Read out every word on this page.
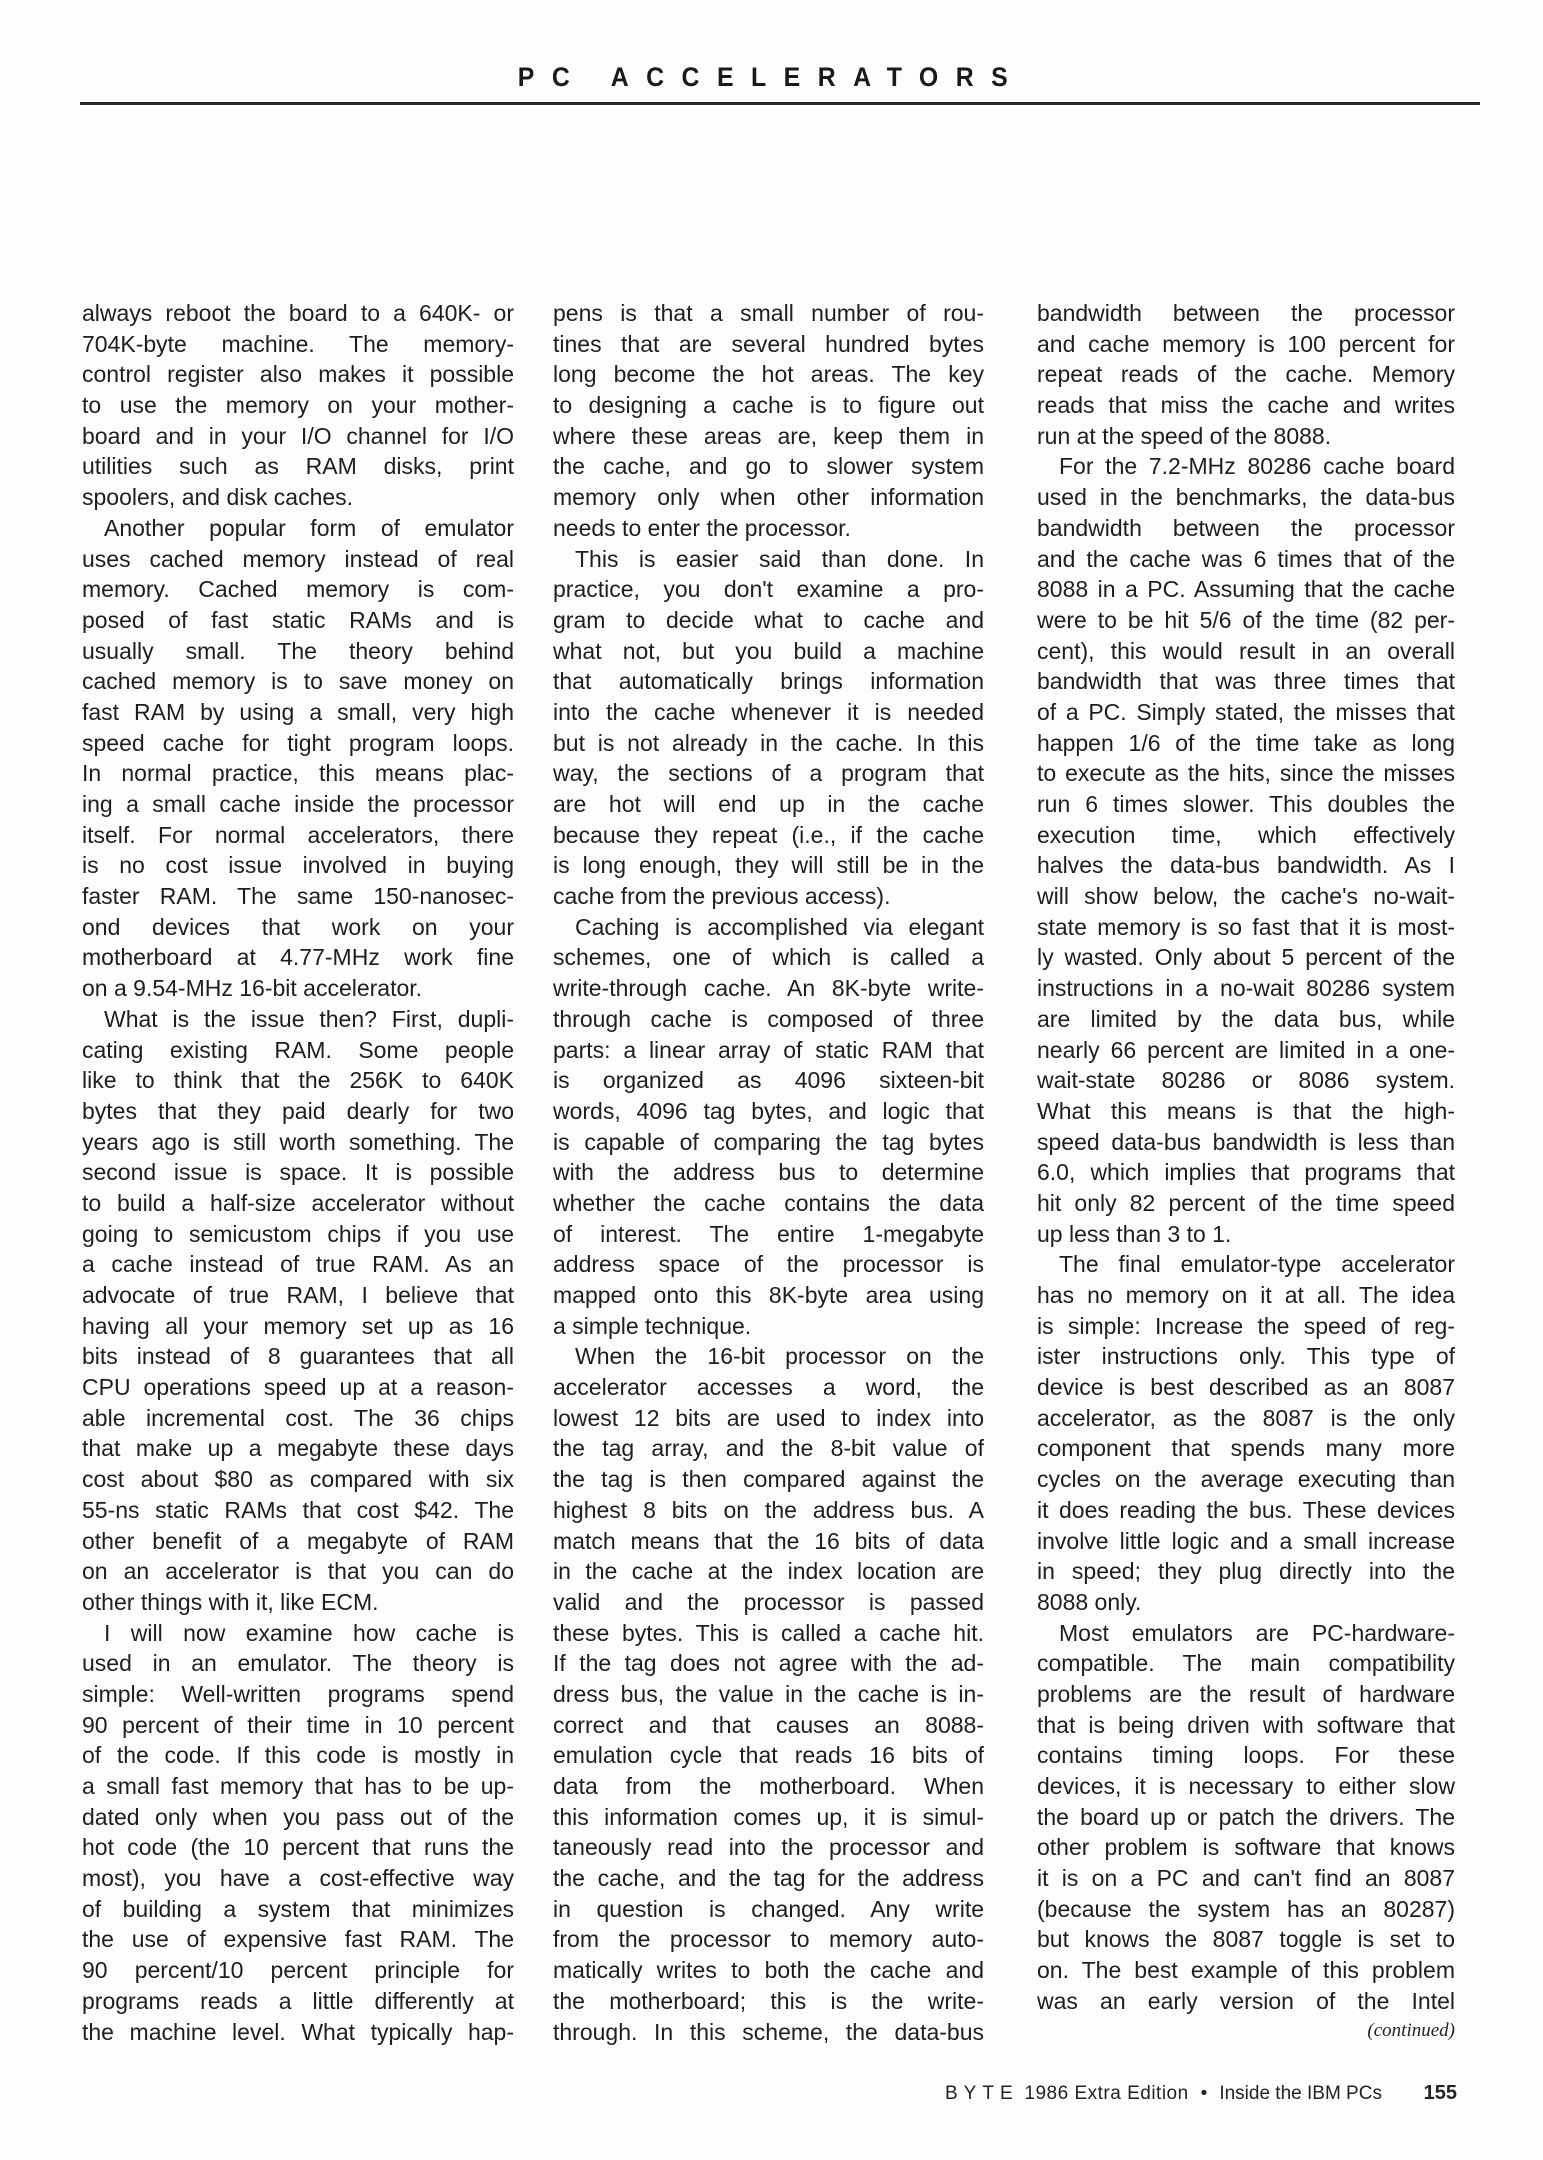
PC ACCELERATORS
always reboot the board to a 640K- or
704K-byte machine. The memory-
control register also makes it possible
to use the memory on your mother-
board and in your I/O channel for I/O
utilities such as RAM disks, print
spoolers, and disk caches.
Another popular form of emulator
uses cached memory instead of real
memory. Cached memory is com-
posed of fast static RAMs and is
usually small. The theory behind
cached memory is to save money on
fast RAM by using a small, very high
speed cache for tight program loops.
In normal practice, this means plac-
ing a small cache inside the processor
itself. For normal accelerators, there
is no cost issue involved in buying
faster RAM. The same 150-nanosec-
ond devices that work on your
motherboard at 4.77-MHz work fine
on a 9.54-MHz 16-bit accelerator.
What is the issue then? First, dupli-
cating existing RAM. Some people
like to think that the 256K to 640K
bytes that they paid dearly for two
years ago is still worth something. The
second issue is space. It is possible
to build a half-size accelerator without
going to semicustom chips if you use
a cache instead of true RAM. As an
advocate of true RAM, I believe that
having all your memory set up as 16
bits instead of 8 guarantees that all
CPU operations speed up at a reason-
able incremental cost. The 36 chips
that make up a megabyte these days
cost about $80 as compared with six
55-ns static RAMs that cost $42. The
other benefit of a megabyte of RAM
on an accelerator is that you can do
other things with it, like ECM.
I will now examine how cache is
used in an emulator. The theory is
simple: Well-written programs spend
90 percent of their time in 10 percent
of the code. If this code is mostly in
a small fast memory that has to be up-
dated only when you pass out of the
hot code (the 10 percent that runs the
most), you have a cost-effective way
of building a system that minimizes
the use of expensive fast RAM. The
90 percent/10 percent principle for
programs reads a little differently at
the machine level. What typically hap-
pens is that a small number of rou-
tines that are several hundred bytes
long become the hot areas. The key
to designing a cache is to figure out
where these areas are, keep them in
the cache, and go to slower system
memory only when other information
needs to enter the processor.
This is easier said than done. In
practice, you don't examine a pro-
gram to decide what to cache and
what not, but you build a machine
that automatically brings information
into the cache whenever it is needed
but is not already in the cache. In this
way, the sections of a program that
are hot will end up in the cache
because they repeat (i.e., if the cache
is long enough, they will still be in the
cache from the previous access).
Caching is accomplished via elegant
schemes, one of which is called a
write-through cache. An 8K-byte write-
through cache is composed of three
parts: a linear array of static RAM that
is organized as 4096 sixteen-bit
words, 4096 tag bytes, and logic that
is capable of comparing the tag bytes
with the address bus to determine
whether the cache contains the data
of interest. The entire 1-megabyte
address space of the processor is
mapped onto this 8K-byte area using
a simple technique.
When the 16-bit processor on the
accelerator accesses a word, the
lowest 12 bits are used to index into
the tag array, and the 8-bit value of
the tag is then compared against the
highest 8 bits on the address bus. A
match means that the 16 bits of data
in the cache at the index location are
valid and the processor is passed
these bytes. This is called a cache hit.
If the tag does not agree with the ad-
dress bus, the value in the cache is in-
correct and that causes an 8088-
emulation cycle that reads 16 bits of
data from the motherboard. When
this information comes up, it is simul-
taneously read into the processor and
the cache, and the tag for the address
in question is changed. Any write
from the processor to memory auto-
matically writes to both the cache and
the motherboard; this is the write-
through. In this scheme, the data-bus
bandwidth between the processor
and cache memory is 100 percent for
repeat reads of the cache. Memory
reads that miss the cache and writes
run at the speed of the 8088.
For the 7.2-MHz 80286 cache board
used in the benchmarks, the data-bus
bandwidth between the processor
and the cache was 6 times that of the
8088 in a PC. Assuming that the cache
were to be hit 5/6 of the time (82 per-
cent), this would result in an overall
bandwidth that was three times that
of a PC. Simply stated, the misses that
happen 1/6 of the time take as long
to execute as the hits, since the misses
run 6 times slower. This doubles the
execution time, which effectively
halves the data-bus bandwidth. As I
will show below, the cache's no-wait-
state memory is so fast that it is most-
ly wasted. Only about 5 percent of the
instructions in a no-wait 80286 system
are limited by the data bus, while
nearly 66 percent are limited in a one-
wait-state 80286 or 8086 system.
What this means is that the high-
speed data-bus bandwidth is less than
6.0, which implies that programs that
hit only 82 percent of the time speed
up less than 3 to 1.
The final emulator-type accelerator
has no memory on it at all. The idea
is simple: Increase the speed of reg-
ister instructions only. This type of
device is best described as an 8087
accelerator, as the 8087 is the only
component that spends many more
cycles on the average executing than
it does reading the bus. These devices
involve little logic and a small increase
in speed; they plug directly into the
8088 only.
Most emulators are PC-hardware-
compatible. The main compatibility
problems are the result of hardware
that is being driven with software that
contains timing loops. For these
devices, it is necessary to either slow
the board up or patch the drivers. The
other problem is software that knows
it is on a PC and can't find an 8087
(because the system has an 80287)
but knows the 8087 toggle is set to
on. The best example of this problem
was an early version of the Intel
(continued)
BYTE 1986 Extra Edition • Inside the IBM PCs 155
